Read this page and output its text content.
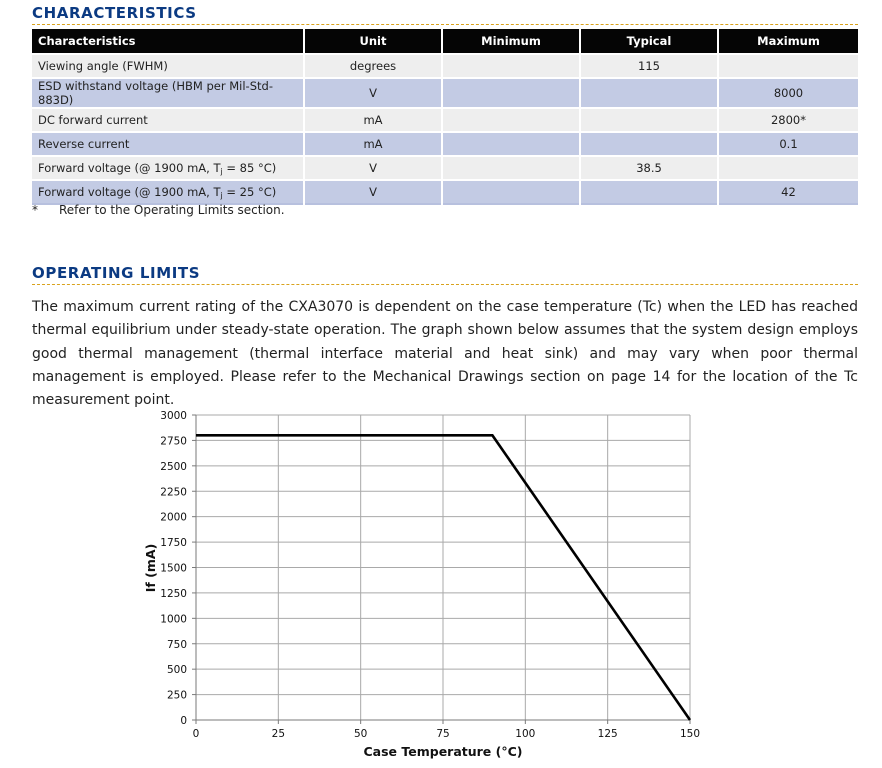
CHARACTERISTICS
Characteristics	Unit	Minimum	Typical	Maximum
Viewing angle (FWHM)	degrees		115	
ESD withstand voltage (HBM per Mil-Std-883D)	V			8000
DC forward current	mA			2800*
Reverse current	mA			0.1
Forward voltage (@ 1900 mA, $T_j = 85$ °C)	V		38.5	
Forward voltage (@ 1900 mA, $T_j = 25$ °C)	V			42
* Refer to the Operating Limits section.
OPERATING LIMITS

The maximum current rating of the CXA3070 is dependent on the case temperature (Tc) when the LED has reached thermal equilibrium under steady-state operation. The graph shown below assumes that the system design employs good thermal management (thermal interface material and heat sink) and may vary when poor thermal management is employed. Please refer to the Mechanical Drawings section on page 14 for the location of the Tc measurement point.

0
250
500
750
1000
1250
1500
1750
2000
2250
2500
2750
3000
0	25	50	75	100	125	150
Case Temperature (°C)
If (mA)
